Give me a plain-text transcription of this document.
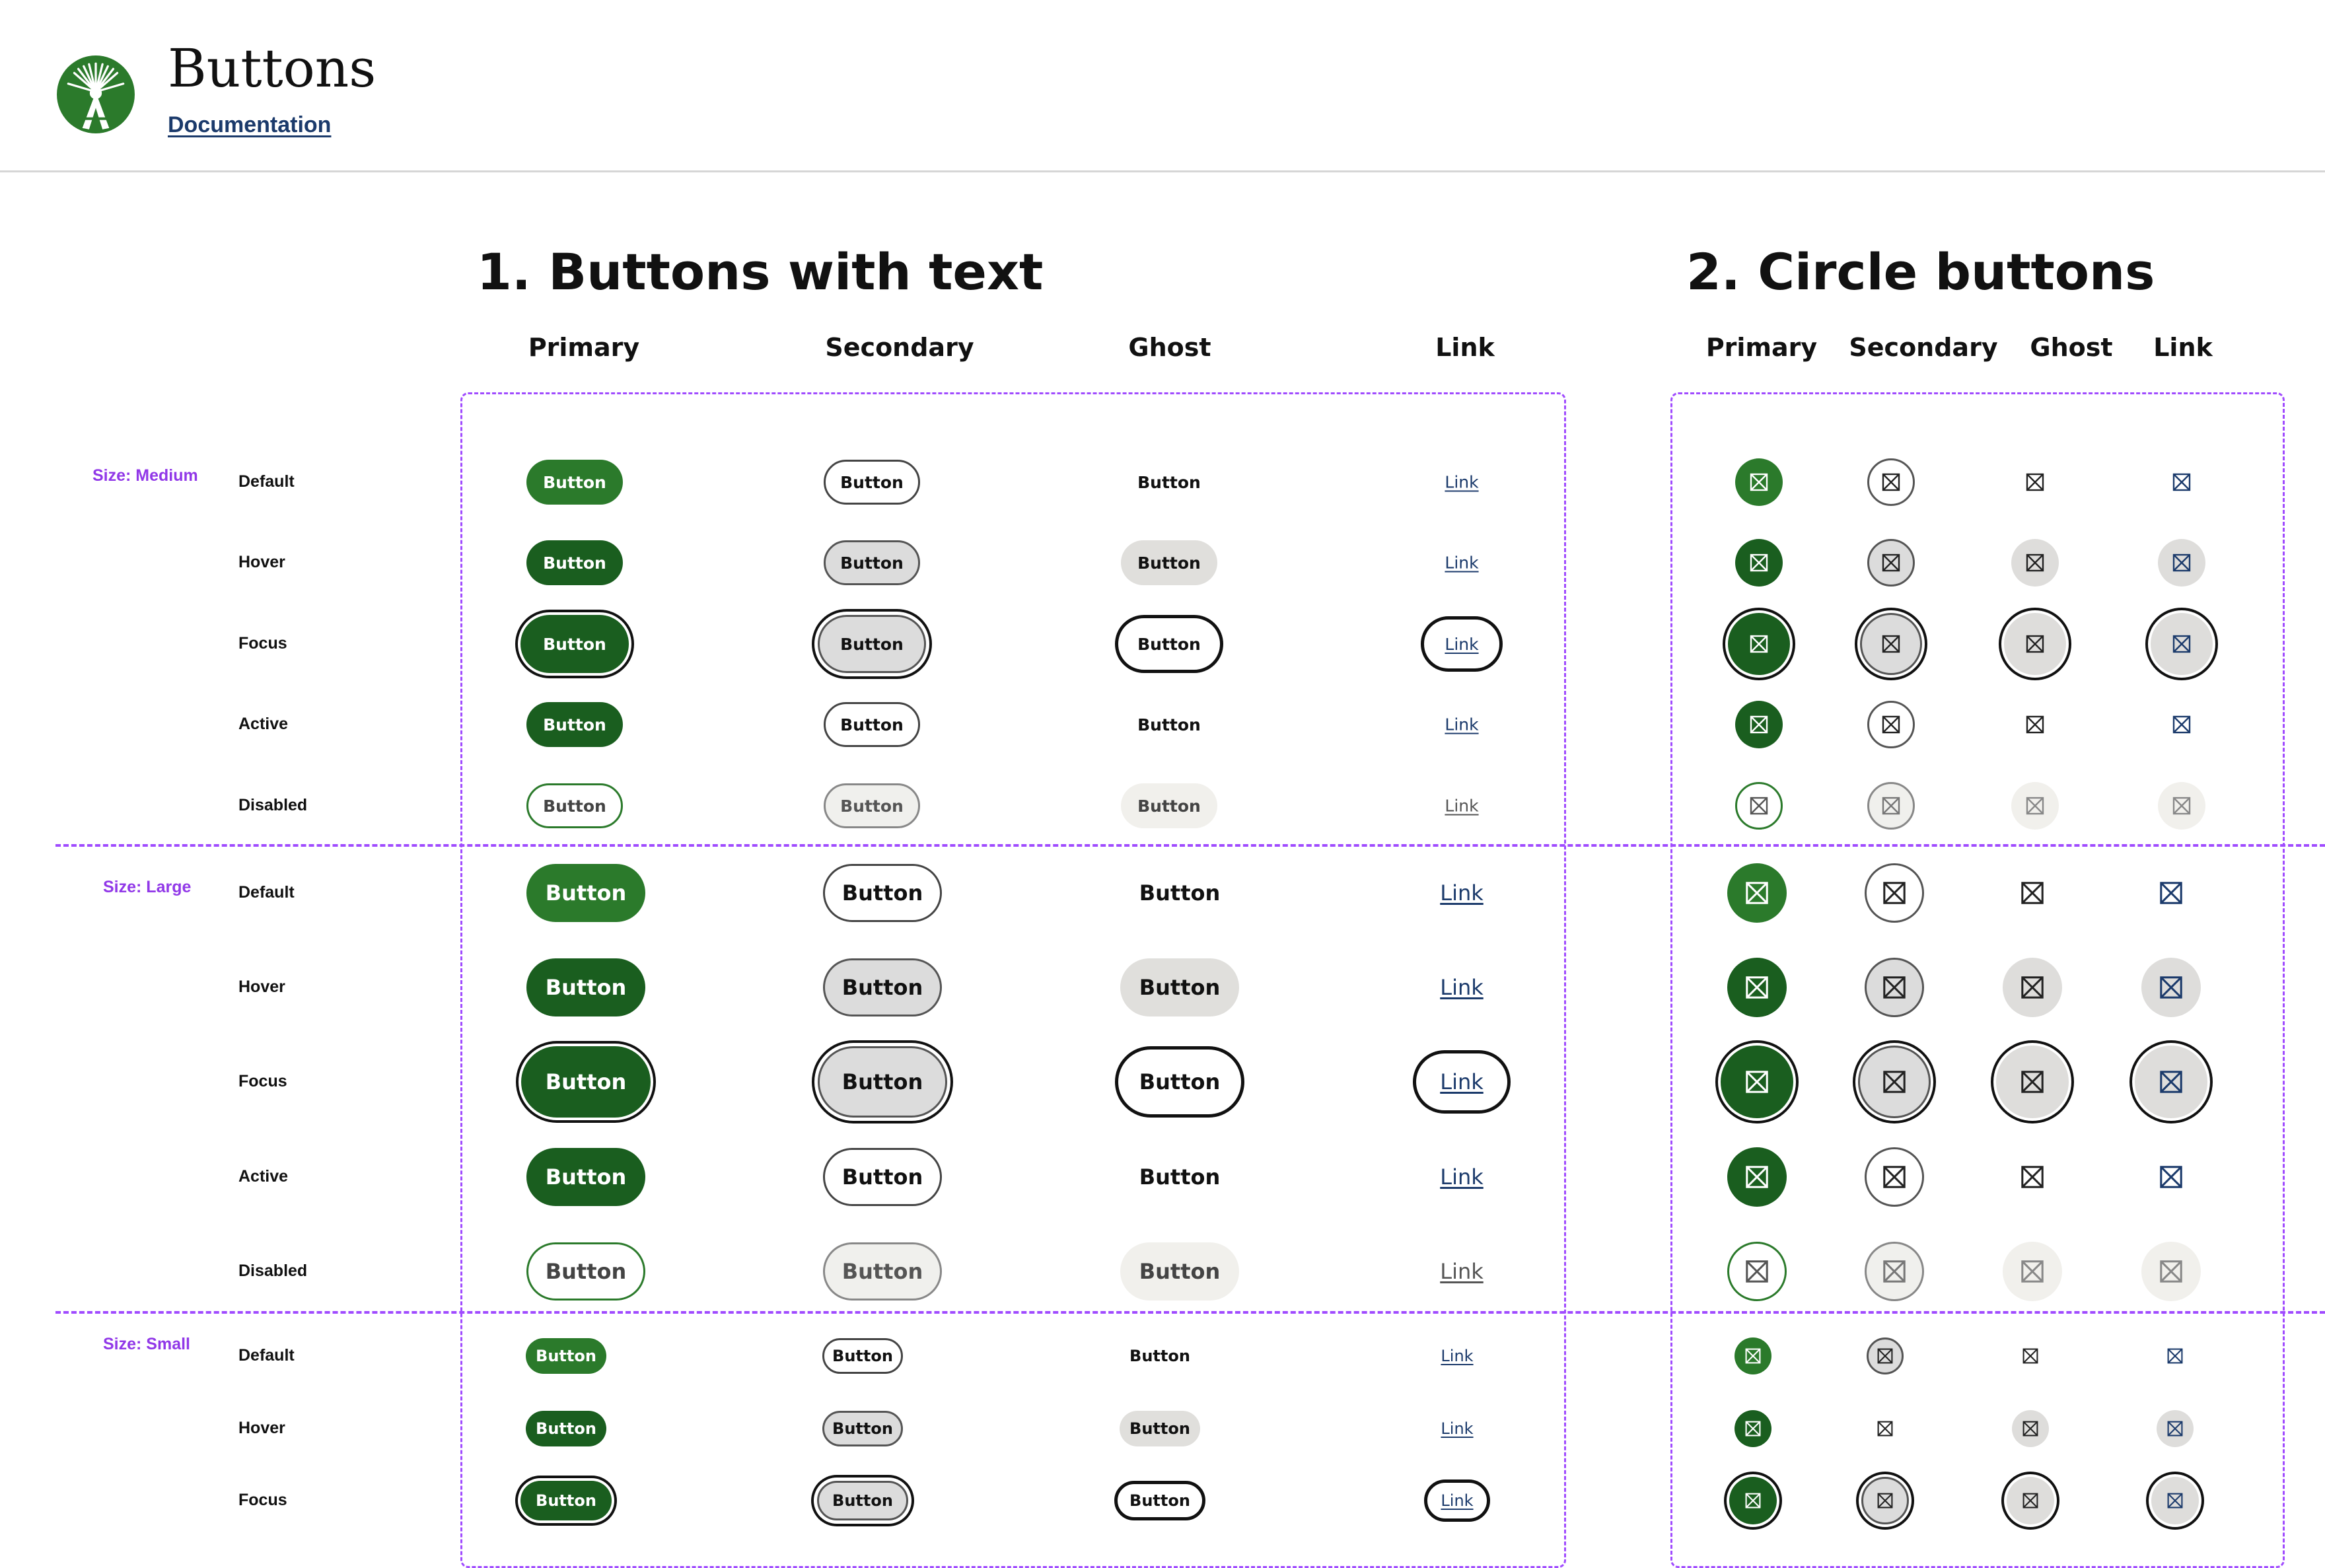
Buttons
Documentation
1. Buttons with text	2. Circle buttons
Primary	Secondary	Ghost	Link	Primary Secondary Ghost Link
Size: Medium
Size: Large
Size: Small
Default	Button	Button	Button	Link
Hover	Button	Button	Button	Link
Focus	Button	Button	Button	Link
Active	Button	Button	Button	Link
Disabled	Button	Button	Button	Link
Default	Button	Button	Button	Link
Hover	Button	Button	Button	Link
Focus	Button	Button	Button	Link
Active	Button	Button	Button	Link
Disabled	Button	Button	Button	Link
Default	Button	Button	Button	Link
Hover	Button	Button	Button	Link
Focus	Button	Button	Button	Link
